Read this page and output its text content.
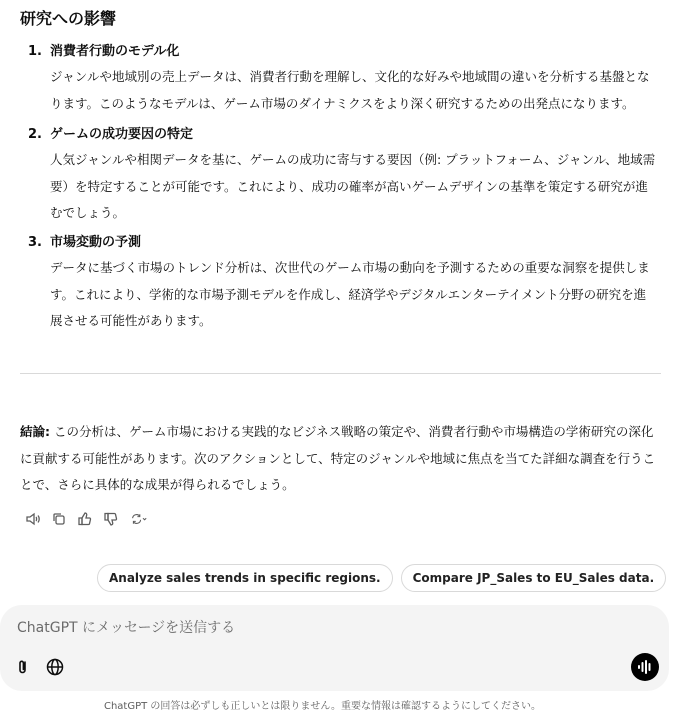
研究への影響
1. 消費者行動のモデル化
ジャンルや地域別の売上データは、消費者行動を理解し、文化的な好みや地域間の違いを分析する基盤となります。このようなモデルは、ゲーム市場のダイナミクスをより深く研究するための出発点になります。
2. ゲームの成功要因の特定
人気ジャンルや相関データを基に、ゲームの成功に寄与する要因（例: プラットフォーム、ジャンル、地域需要）を特定することが可能です。これにより、成功の確率が高いゲームデザインの基準を策定する研究が進むでしょう。
3. 市場変動の予測
データに基づく市場のトレンド分析は、次世代のゲーム市場の動向を予測するための重要な洞察を提供します。これにより、学術的な市場予測モデルを作成し、経済学やデジタルエンターテイメント分野の研究を進展させる可能性があります。
結論: この分析は、ゲーム市場における実践的なビジネス戦略の策定や、消費者行動や市場構造の学術研究の深化に貢献する可能性があります。次のアクションとして、特定のジャンルや地域に焦点を当てた詳細な調査を行うことで、さらに具体的な成果が得られるでしょう。
Analyze sales trends in specific regions.	Compare JP_Sales to EU_Sales data.
ChatGPT にメッセージを送信する
ChatGPT の回答は必ずしも正しいとは限りません。重要な情報は確認するようにしてください。
